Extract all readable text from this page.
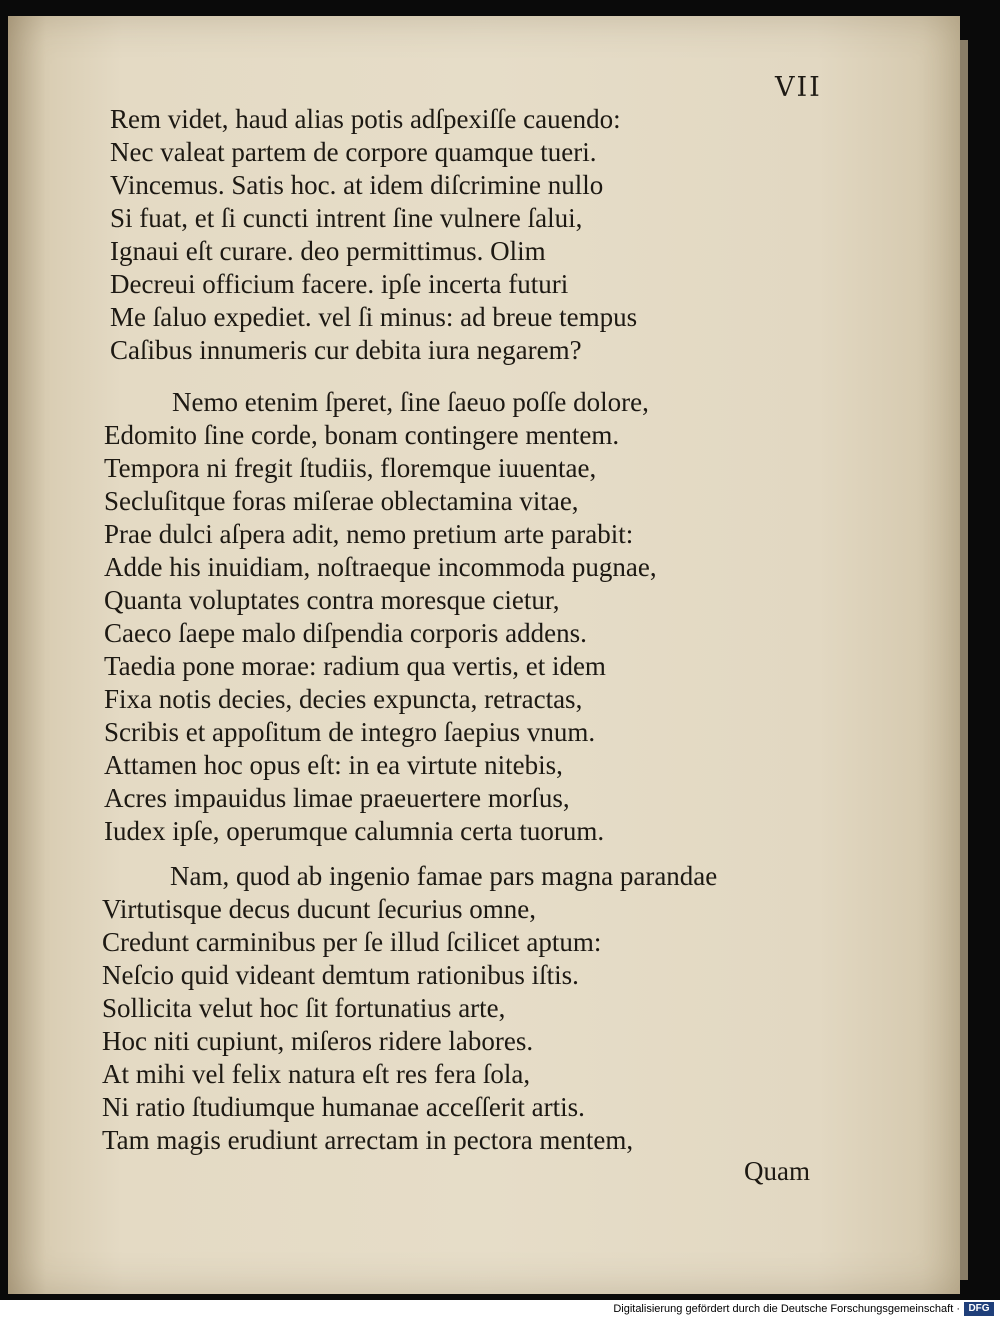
VII
Rem videt, haud alias potis adſpexiſſe cauendo:
Nec valeat partem de corpore quamque tueri.
Vincemus. Satis hoc. at idem diſcrimine nullo
Si fuat, et ſi cuncti intrent ſine vulnere ſalui,
Ignaui eſt curare. deo permittimus. Olim
Decreui officium facere. ipſe incerta futuri
Me ſaluo expediet. vel ſi minus: ad breue tempus
Caſibus innumeris cur debita iura negarem?
Nemo etenim ſperet, ſine ſaeuo poſſe dolore,
Edomito ſine corde, bonam contingere mentem.
Tempora ni fregit ſtudiis, floremque iuuentae,
Secluſitque foras miſerae oblectamina vitae,
Prae dulci aſpera adit, nemo pretium arte parabit:
Adde his inuidiam, noſtraeque incommoda pugnae,
Quanta voluptates contra moresque cietur,
Caeco ſaepe malo diſpendia corporis addens.
Taedia pone morae: radium qua vertis, et idem
Fixa notis decies, decies expuncta, retractas,
Scribis et appoſitum de integro ſaepius vnum.
Attamen hoc opus eſt: in ea virtute nitebis,
Acres impauidus limae praeuertere morſus,
Iudex ipſe, operumque calumnia certa tuorum.
Nam, quod ab ingenio famae pars magna parandae
Virtutisque decus ducunt ſecurius omne,
Credunt carminibus per ſe illud ſcilicet aptum:
Neſcio quid videant demtum rationibus iſtis.
Sollicita velut hoc ſit fortunatius arte,
Hoc niti cupiunt, miſeros ridere labores.
At mihi vel felix natura eſt res fera ſola,
Ni ratio ſtudiumque humanae acceſſerit artis.
Tam magis erudiunt arrectam in pectora mentem,
Quam
Digitalisierung gefördert durch die Deutsche Forschungsgemeinschaft · DFG
